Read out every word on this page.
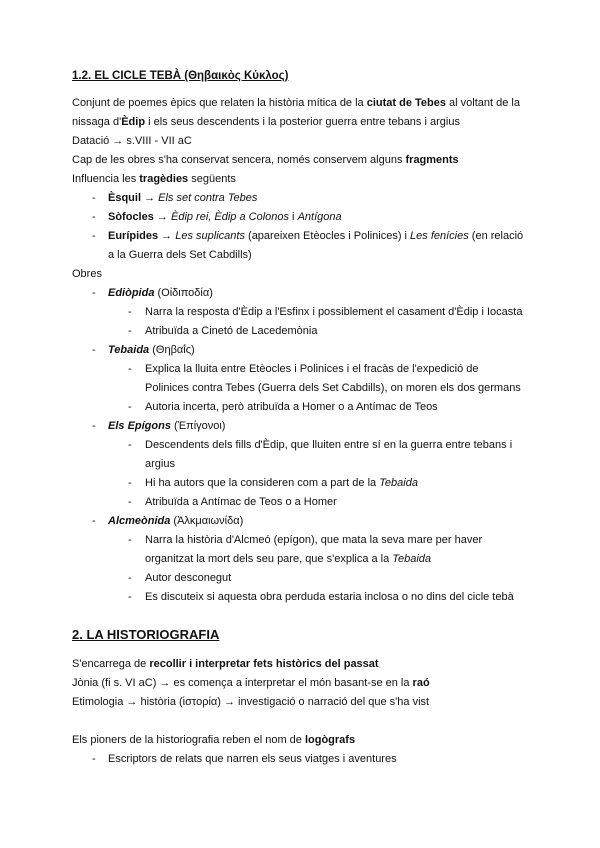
1.2. EL CICLE TEBÀ (Θηβαικὸς Κύκλος)
Conjunt de poemes èpics que relaten la història mítica de la ciutat de Tebes al voltant de la
nissaga d'Èdip i els seus descendents i la posterior guerra entre tebans i argius
Datació → s.VIII - VII aC
Cap de les obres s'ha conservat sencera, només conservem alguns fragments
Influencia les tragèdies següents
- Èsquil → Els set contra Tebes
- Sòfocles → Èdip rei, Èdip a Colonos i Antígona
- Eurípides → Les suplicants (apareixen Etèocles i Polinices) i Les fenícies (en relació
a la Guerra dels Set Cabdills)
Obres
- Ediòpida (Οἰδιποδία)
- Narra la resposta d'Èdip a l'Esfinx i possiblement el casament d'Èdip i Iocasta
- Atribuïda a Cinetó de Lacedemònia
- Tebaida (Θηβαΐς)
- Explica la lluita entre Etèocles i Polinices i el fracàs de l'expedició de
Polinices contra Tebes (Guerra dels Set Cabdills), on moren els dos germans
- Autoria incerta, però atribuïda a Homer o a Antímac de Teos
- Els Epígons (Ἐπίγονοι)
- Descendents dels fills d'Èdip, que lluiten entre sí en la guerra entre tebans i
argius
- Hi ha autors que la consideren com a part de la Tebaida
- Atribuïda a Antímac de Teos o a Homer
- Alcmeònida (Ἀλκμαιωνίδα)
- Narra la història d'Alcmeó (epígon), que mata la seva mare per haver
organitzat la mort dels seu pare, que s'explica a la Tebaida
- Autor desconegut
- Es discuteix si aquesta obra perduda estaria inclosa o no dins del cicle tebà
2. LA HISTORIOGRAFIA
S'encarrega de recollir i interpretar fets històrics del passat
Jònia (fi s. VI aC) → es comença a interpretar el món basant-se en la raó
Etimologia → història (ἱστορία) → investigació o narració del que s'ha vist
Els pioners de la historiografia reben el nom de logògrafs
- Escriptors de relats que narren els seus viatges i aventures
